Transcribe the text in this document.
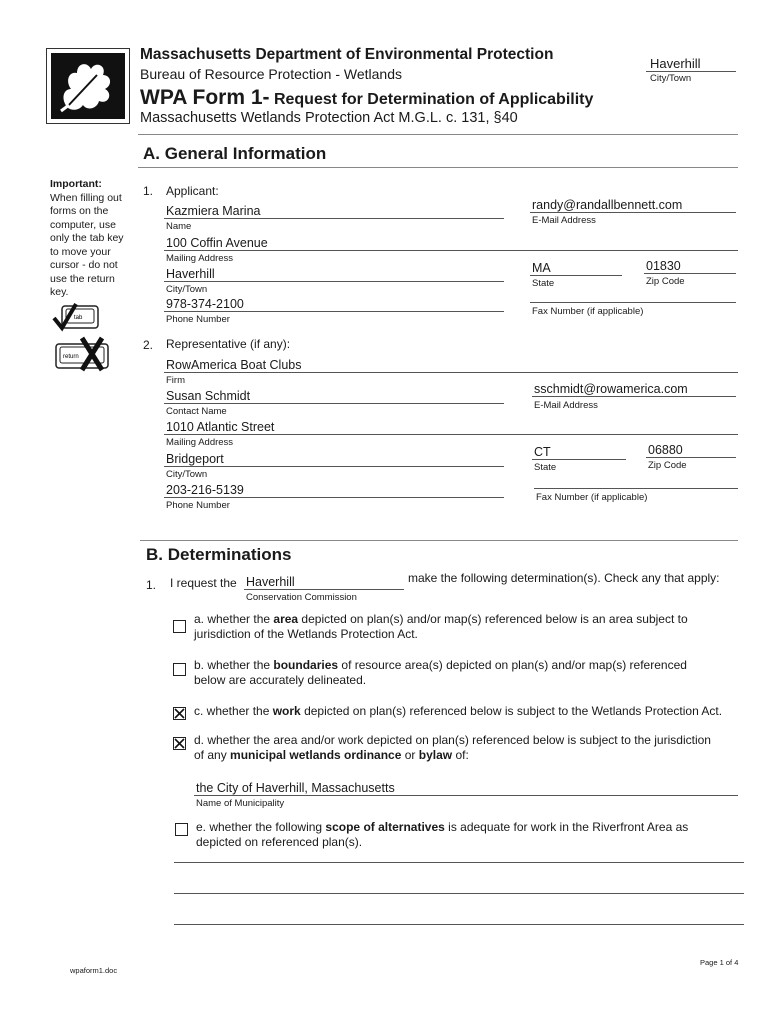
Massachusetts Department of Environmental Protection
Bureau of Resource Protection - Wetlands
WPA Form 1- Request for Determination of Applicability
Massachusetts Wetlands Protection Act M.G.L. c. 131, §40
Haverhill
City/Town
A. General Information
Important:
When filling out
forms on the
computer, use
only the tab key
to move your
cursor - do not
use the return
key.
tab
return
1. Applicant:
Kazmiera Marina
Name
randy@randallbennett.com
E-Mail Address
100 Coffin Avenue
Mailing Address
Haverhill
City/Town
MA
State
01830
Zip Code
978-374-2100
Phone Number
Fax Number (if applicable)
2. Representative (if any):
RowAmerica Boat Clubs
Firm
Susan Schmidt
Contact Name
sschmidt@rowamerica.com
E-Mail Address
1010 Atlantic Street
Mailing Address
Bridgeport
City/Town
CT
State
06880
Zip Code
203-216-5139
Phone Number
Fax Number (if applicable)
B. Determinations
1. I request the Haverhill
Conservation Commission
make the following determination(s). Check any that apply:
a. whether the area depicted on plan(s) and/or map(s) referenced below is an area subject to
jurisdiction of the Wetlands Protection Act.
b. whether the boundaries of resource area(s) depicted on plan(s) and/or map(s) referenced
below are accurately delineated.
c. whether the work depicted on plan(s) referenced below is subject to the Wetlands Protection Act.
d. whether the area and/or work depicted on plan(s) referenced below is subject to the jurisdiction
of any municipal wetlands ordinance or bylaw of:
the City of Haverhill, Massachusetts
Name of Municipality
e. whether the following scope of alternatives is adequate for work in the Riverfront Area as
depicted on referenced plan(s).
wpaform1.doc
Page 1 of 4
